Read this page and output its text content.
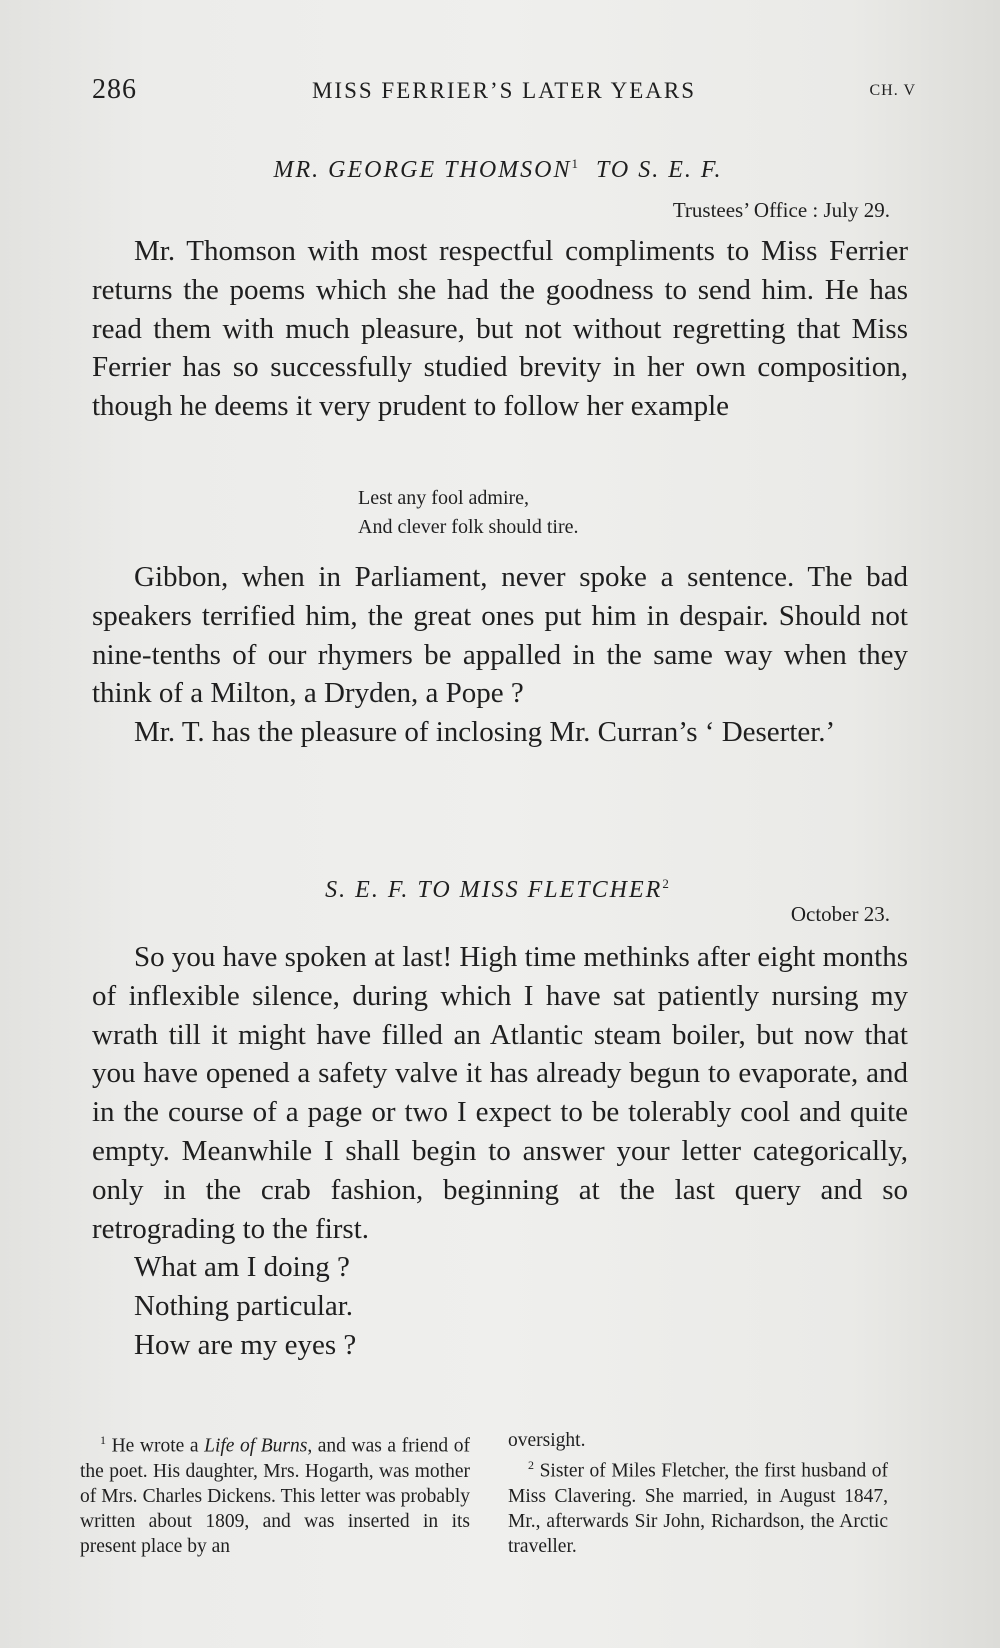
286	MISS FERRIER’S LATER YEARS	CH. V
MR. GEORGE THOMSON$^1$ TO S. E. F.
Trustees’ Office : July 29.

Mr. Thomson with most respectful compliments to Miss Ferrier returns the poems which she had the goodness to send him. He has read them with much pleasure, but not without regretting that Miss Ferrier has so successfully studied brevity in her own composition, though he deems it very prudent to follow her example

Lest any fool admire,
And clever folk should tire.

Gibbon, when in Parliament, never spoke a sentence. The bad speakers terrified him, the great ones put him in despair. Should not nine-tenths of our rhymers be appalled in the same way when they think of a Milton, a Dryden, a Pope ?

Mr. T. has the pleasure of inclosing Mr. Curran’s ‘ Deserter.’

S. E. F. TO MISS FLETCHER$^2$
October 23.

So you have spoken at last! High time methinks after eight months of inflexible silence, during which I have sat patiently nursing my wrath till it might have filled an Atlantic steam boiler, but now that you have opened a safety valve it has already begun to evaporate, and in the course of a page or two I expect to be tolerably cool and quite empty. Meanwhile I shall begin to answer your letter categorically, only in the crab fashion, beginning at the last query and so retrograding to the first.

What am I doing ?

Nothing particular.

How are my eyes ?

$^1$ He wrote a Life of Burns, and was a friend of the poet. His daughter, Mrs. Hogarth, was mother of Mrs. Charles Dickens. This letter was probably written about 1809, and was inserted in its present place by an

oversight.

$^2$ Sister of Miles Fletcher, the first husband of Miss Clavering. She married, in August 1847, Mr., afterwards Sir John, Richardson, the Arctic traveller.
